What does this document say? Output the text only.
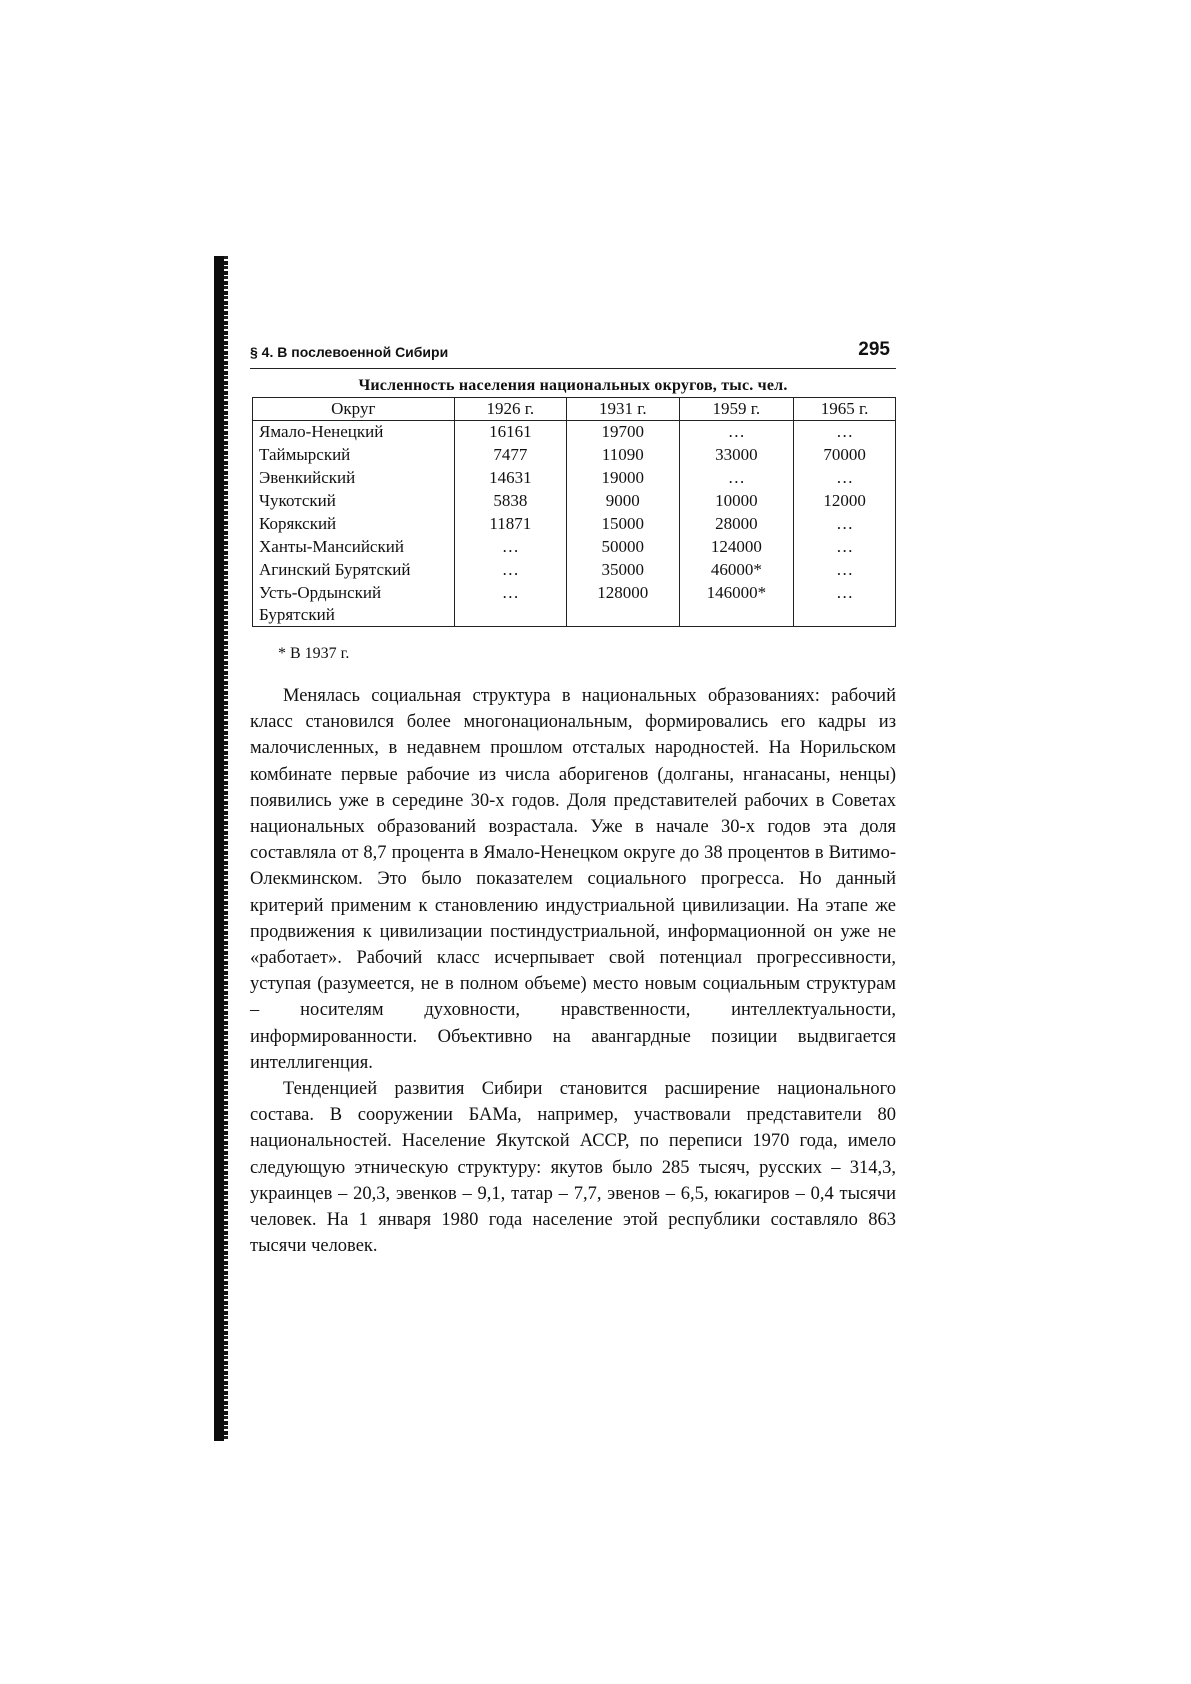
§ 4. В послевоенной Сибири	295
Численность населения национальных округов, тыс. чел.
Округ	1926 г.	1931 г.	1959 г.	1965 г.
Ямало-Ненецкий	16161	19700	…	…
Таймырский	7477	11090	33000	70000
Эвенкийский	14631	19000	…	…
Чукотский	5838	9000	10000	12000
Корякский	11871	15000	28000	…
Ханты-Мансийский	…	50000	124000	…
Агинский Бурятский	…	35000	46000*	…
Усть-Ордынский Бурятский	…	128000	146000*	…
* В 1937 г.

Менялась социальная структура в национальных образованиях: рабочий класс становился более многонациональным, формировались его кадры из малочисленных, в недавнем прошлом отсталых народностей. На Норильском комбинате первые рабочие из числа аборигенов (долганы, нганасаны, ненцы) появились уже в середине 30-х годов. Доля представителей рабочих в Советах национальных образований возрастала. Уже в начале 30-х годов эта доля составляла от 8,7 процента в Ямало-Ненецком округе до 38 процентов в Витимо-Олекминском. Это было показателем социального прогресса. Но данный критерий применим к становлению индустриальной цивилизации. На этапе же продвижения к цивилизации постиндустриальной, информационной он уже не «работает». Рабочий класс исчерпывает свой потенциал прогрессивности, уступая (разумеется, не в полном объеме) место новым социальным структурам – носителям духовности, нравственности, интеллектуальности, информированности. Объективно на авангардные позиции выдвигается интеллигенция.

Тенденцией развития Сибири становится расширение национального состава. В сооружении БАМа, например, участвовали представители 80 национальностей. Население Якутской АССР, по переписи 1970 года, имело следующую этническую структуру: якутов было 285 тысяч, русских – 314,3, украинцев – 20,3, эвенков – 9,1, татар – 7,7, эвенов – 6,5, юкагиров – 0,4 тысячи человек. На 1 января 1980 года население этой республики составляло 863 тысячи человек.
